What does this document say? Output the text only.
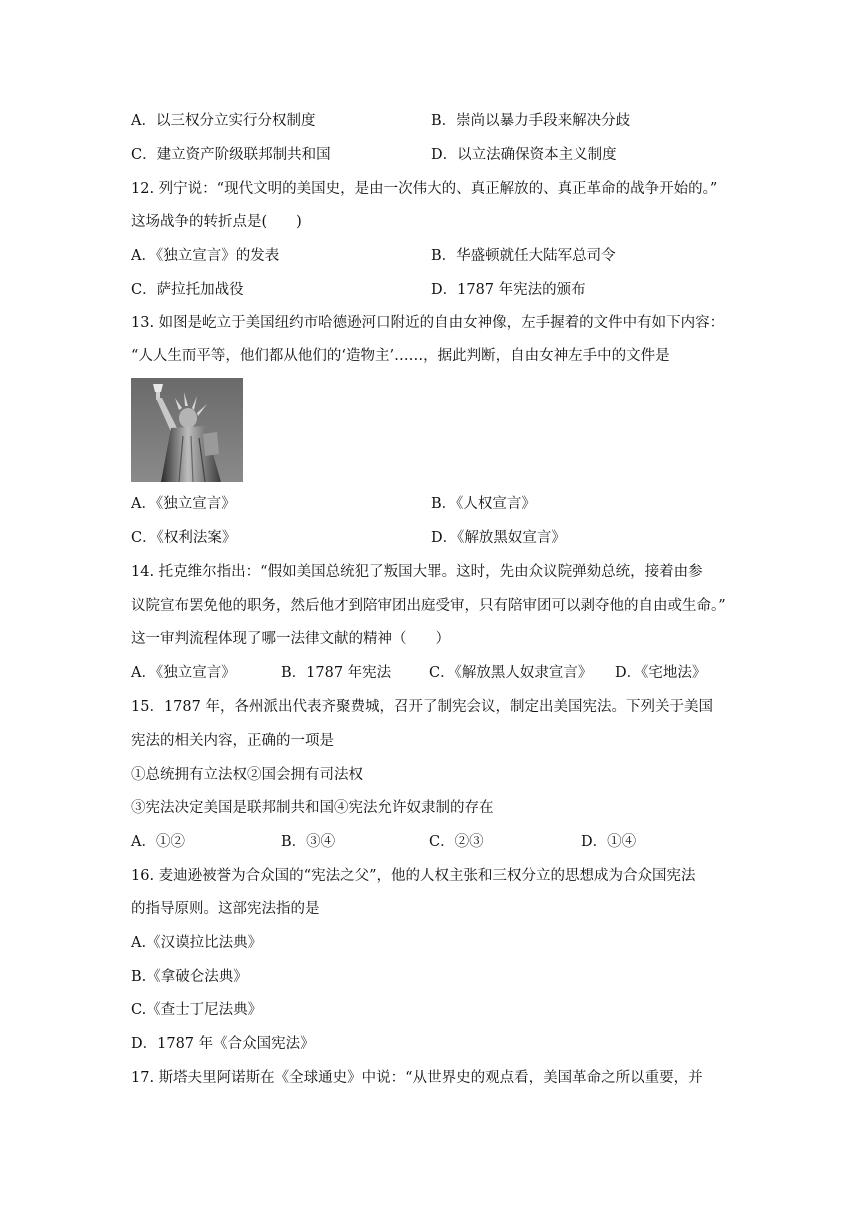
A．以三权分立实行分权制度	B．崇尚以暴力手段来解决分歧
C．建立资产阶级联邦制共和国	D．以立法确保资本主义制度
12. 列宁说：“现代文明的美国史，是由一次伟大的、真正解放的、真正革命的战争开始的。”
这场战争的转折点是(　　)
A．《独立宣言》的发表	B．华盛顿就任大陆军总司令
C．萨拉托加战役	D．1787 年宪法的颁布
13. 如图是屹立于美国纽约市哈德逊河口附近的自由女神像，左手握着的文件中有如下内容：
“人人生而平等，他们都从他们的‘造物主’……，据此判断，自由女神左手中的文件是
A．《独立宣言》	B．《人权宣言》
C．《权利法案》	D．《解放黑奴宣言》
14. 托克维尔指出：“假如美国总统犯了叛国大罪。这时，先由众议院弹劾总统，接着由参
议院宣布罢免他的职务，然后他才到陪审团出庭受审，只有陪审团可以剥夺他的自由或生命。”
这一审判流程体现了哪一法律文献的精神（　　）
A．《独立宣言》	B．1787 年宪法	C．《解放黑人奴隶宣言》 D．《宅地法》
15．1787 年，各州派出代表齐聚费城，召开了制宪会议，制定出美国宪法。下列关于美国
宪法的相关内容，正确的一项是
①总统拥有立法权②国会拥有司法权
③宪法决定美国是联邦制共和国④宪法允许奴隶制的存在
A．①②	B．③④	C．②③	D．①④
16. 麦迪逊被誉为合众国的“宪法之父”，他的人权主张和三权分立的思想成为合众国宪法
的指导原则。这部宪法指的是
A.《汉谟拉比法典》
B.《拿破仑法典》
C.《查士丁尼法典》
D．1787 年《合众国宪法》
17. 斯塔夫里阿诺斯在《全球通史》中说：“从世界史的观点看，美国革命之所以重要，并
